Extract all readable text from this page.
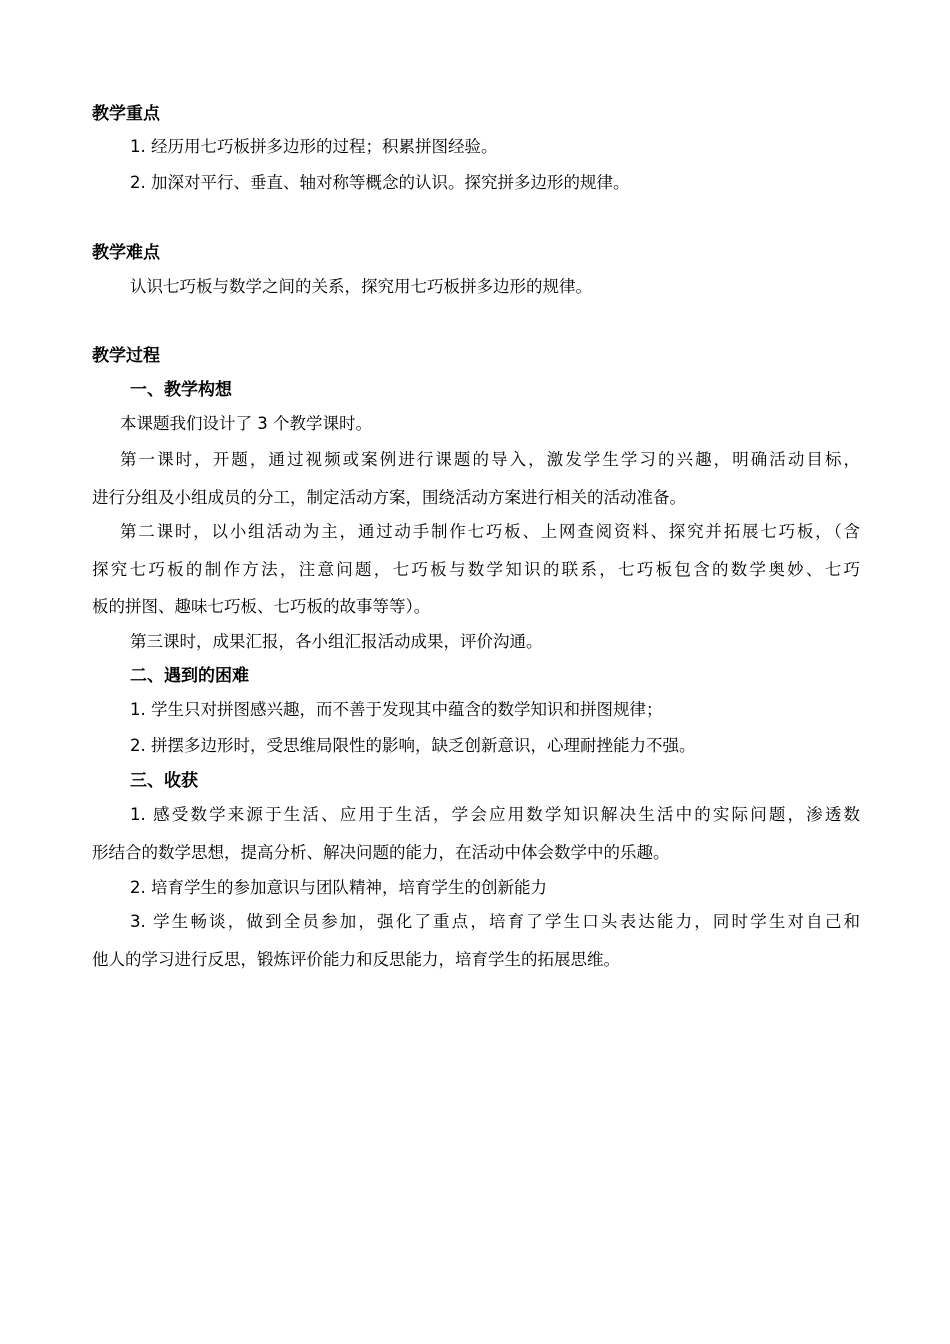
教学重点
1. 经历用七巧板拼多边形的过程；积累拼图经验。
2. 加深对平行、垂直、轴对称等概念的认识。探究拼多边形的规律。
教学难点
认识七巧板与数学之间的关系，探究用七巧板拼多边形的规律。
教学过程
一、教学构想
本课题我们设计了 3 个教学课时。
第一课时，开题，通过视频或案例进行课题的导入，激发学生学习的兴趣，明确活动目标，
进行分组及小组成员的分工，制定活动方案，围绕活动方案进行相关的活动准备。
第二课时，以小组活动为主，通过动手制作七巧板、上网查阅资料、探究并拓展七巧板，（含
探究七巧板的制作方法，注意问题，七巧板与数学知识的联系，七巧板包含的数学奥妙、七巧
板的拼图、趣味七巧板、七巧板的故事等等）。
第三课时，成果汇报，各小组汇报活动成果，评价沟通。
二、遇到的困难
1. 学生只对拼图感兴趣，而不善于发现其中蕴含的数学知识和拼图规律；
2. 拼摆多边形时，受思维局限性的影响，缺乏创新意识，心理耐挫能力不强。
三、收获
1. 感受数学来源于生活、应用于生活，学会应用数学知识解决生活中的实际问题，渗透数
形结合的数学思想，提高分析、解决问题的能力，在活动中体会数学中的乐趣。
2. 培育学生的参加意识与团队精神，培育学生的创新能力
3. 学生畅谈，做到全员参加，强化了重点，培育了学生口头表达能力，同时学生对自己和
他人的学习进行反思，锻炼评价能力和反思能力，培育学生的拓展思维。
